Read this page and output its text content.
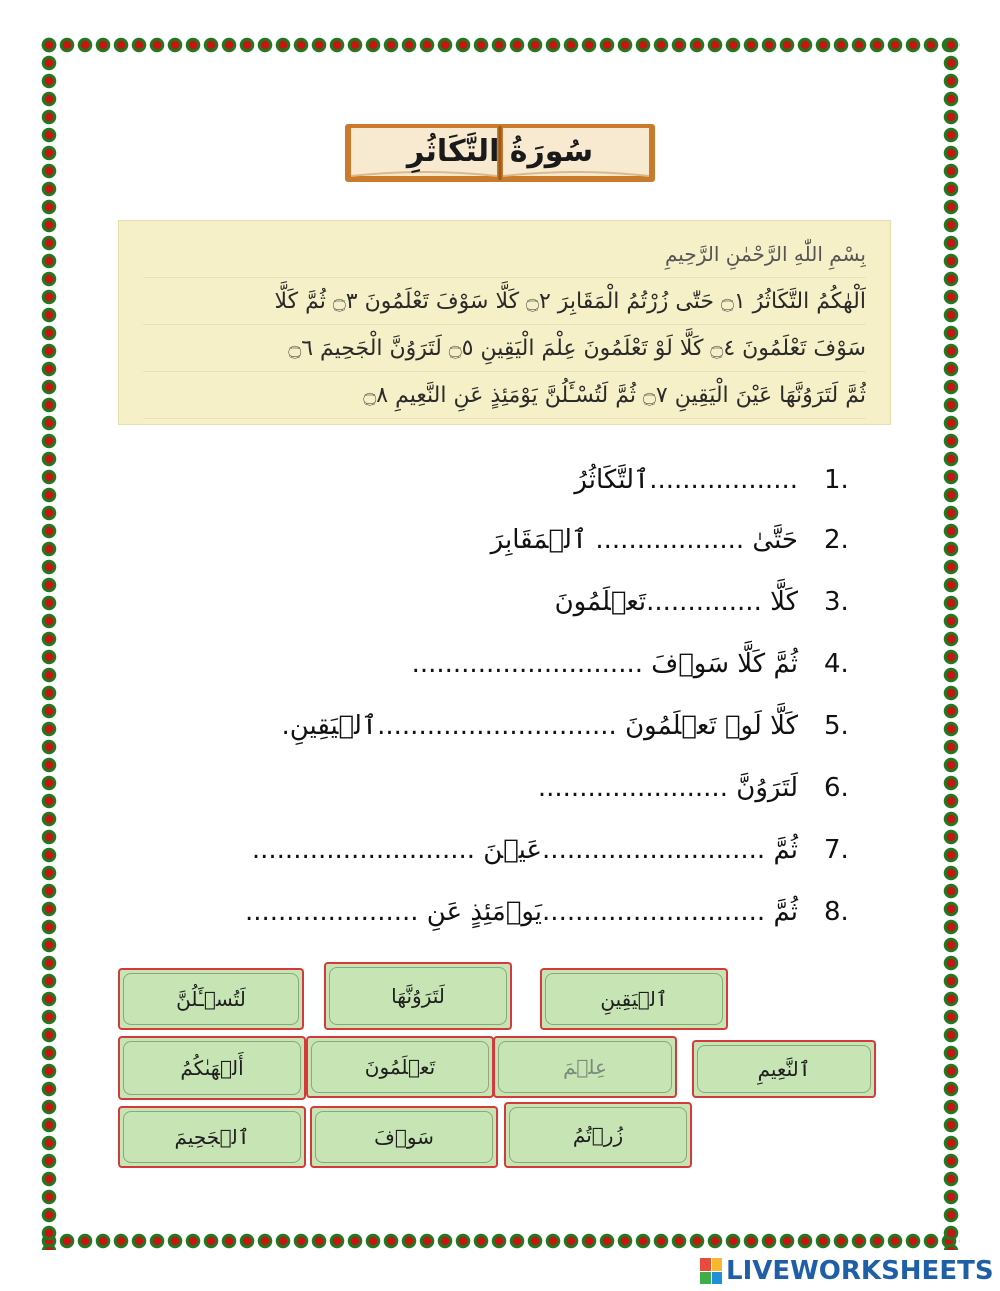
سُورَةُ التَّكَاثُرِ
بِسْمِ اللّٰهِ الرَّحْمٰنِ الرَّحِيمِ
اَلْهٰكُمُ التَّكَاثُرُ ۝١ حَتّٰى زُرْتُمُ الْمَقَابِرَ ۝٢ كَلَّا سَوْفَ تَعْلَمُونَ ۝٣ ثُمَّ كَلَّا
سَوْفَ تَعْلَمُونَ ۝٤ كَلَّا لَوْ تَعْلَمُونَ عِلْمَ الْيَقِينِ ۝٥ لَتَرَوُنَّ الْجَحِيمَ ۝٦
ثُمَّ لَتَرَوُنَّهَا عَيْنَ الْيَقِينِ ۝٧ ثُمَّ لَتُسْـَٔلُنَّ يَوْمَئِذٍ عَنِ النَّعِيمِ ۝٨
1.
..................ٱلتَّكَاثُرُ
2.
حَتَّىٰ .................. ٱلۡمَقَابِرَ
3.
كَلَّا ..............تَعۡلَمُونَ
4.
ثُمَّ كَلَّا سَوۡفَ ............................
5.
كَلَّا لَوۡ تَعۡلَمُونَ .............................ٱلۡيَقِينِ.
6.
لَتَرَوُنَّ .......................
7.
ثُمَّ ...........................عَيۡنَ ...........................
8.
ثُمَّ ...........................يَوۡمَئِذٍ عَنِ .....................
لَتُسۡـَٔلُنَّ	لَتَرَوُنَّهَا	ٱلۡيَقِينِ
أَلۡهَىٰكُمُ	تَعۡلَمُونَ	عِلۡمَ	ٱلنَّعِيمِ
ٱلۡجَحِيمَ	سَوۡفَ	زُرۡتُمُ
LIVEWORKSHEETS
